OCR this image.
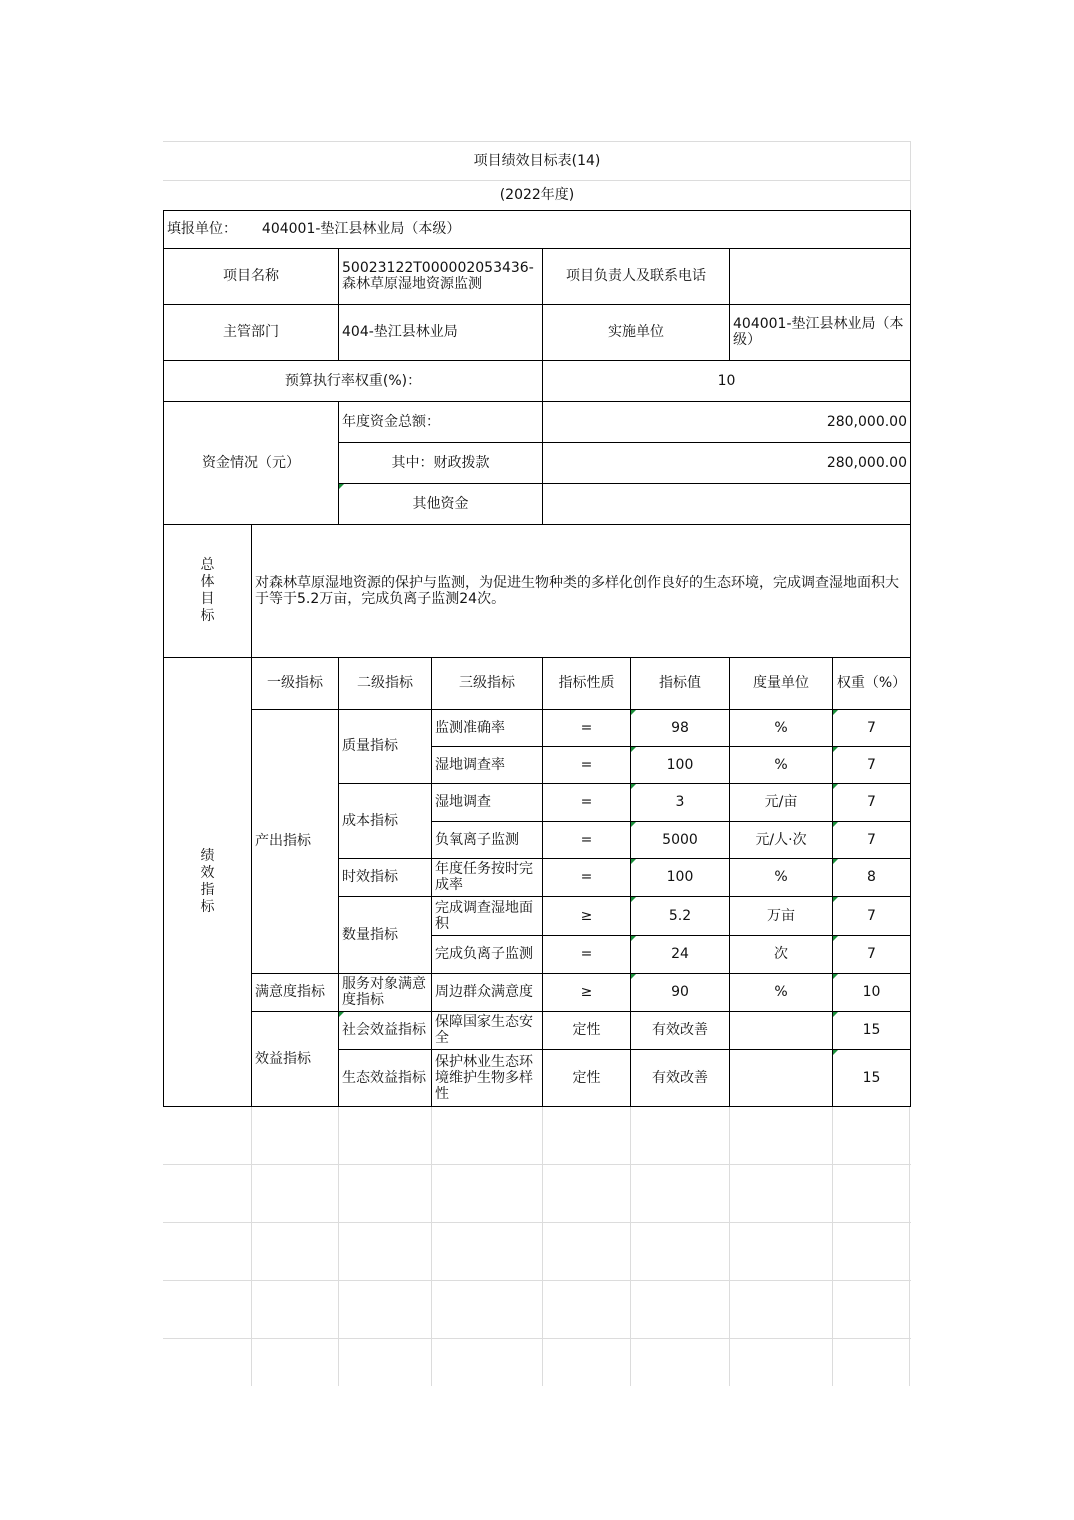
项目绩效目标表(14)							
(2022年度)							
填报单位： 404001-垫江县林业局（本级）							
项目名称		50023122T000002053436-森林草原湿地资源监测		项目负责人及联系电话			
主管部门		404-垫江县林业局		实施单位		404001-垫江县林业局（本级）	
预算执行率权重(%)：				10			
资金情况（元）		年度资金总额：		280,000.00			
		其中：财政拨款		280,000.00			
		其他资金					
总体目标	对森林草原湿地资源的保护与监测，为促进生物种类的多样化创作良好的生态环境，完成调查湿地面积大于等于5.2万亩，完成负离子监测24次。						
绩效指标	一级指标	二级指标	三级指标	指标性质	指标值	度量单位	权重（%）
	产出指标	质量指标	监测准确率	=	98	%	7
			湿地调查率	=	100	%	7
		成本指标	湿地调查	=	3	元/亩	7
			负氧离子监测	=	5000	元/人·次	7
		时效指标	年度任务按时完成率	=	100	%	8
		数量指标	完成调查湿地面积	≥	5.2	万亩	7
			完成负离子监测	=	24	次	7
	满意度指标	服务对象满意度指标	周边群众满意度	≥	90	%	10
	效益指标	社会效益指标	保障国家生态安全	定性	有效改善		15
		生态效益指标	保护林业生态环境维护生物多样性	定性	有效改善		15
